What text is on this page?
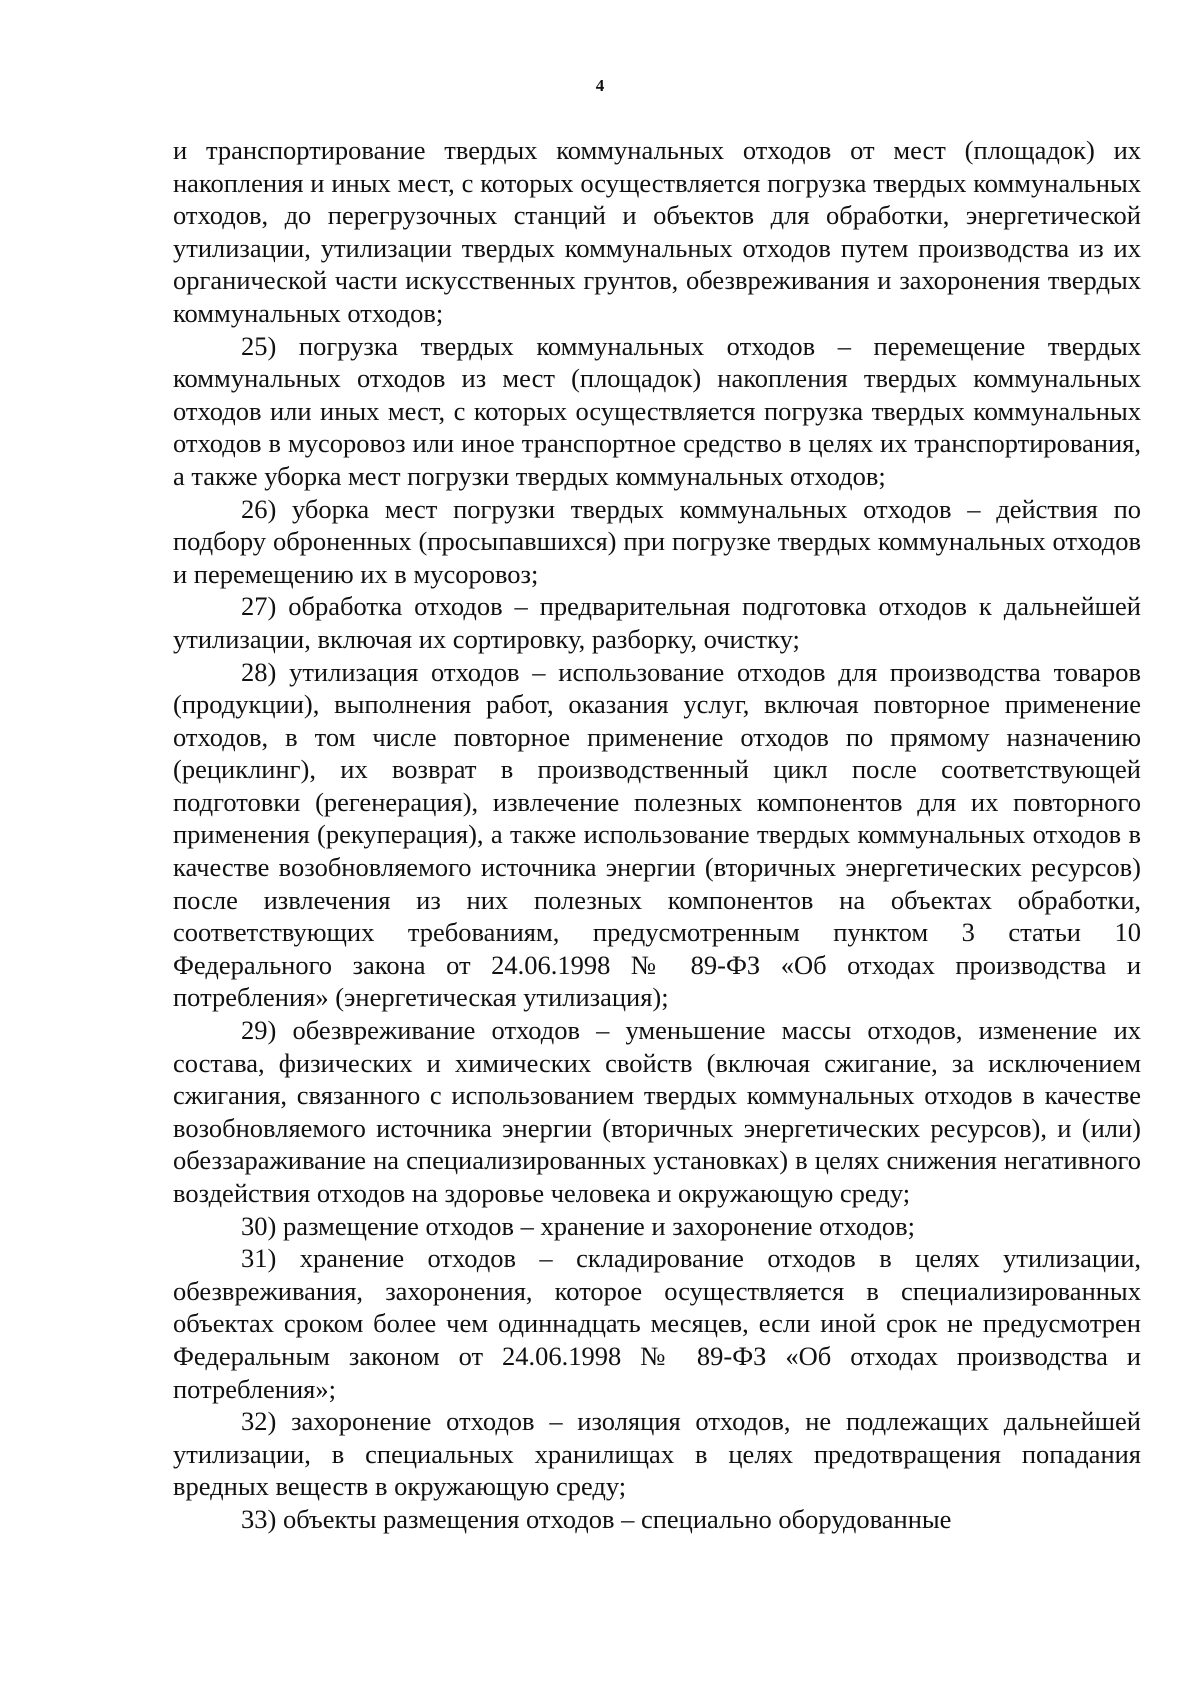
4

и транспортирование твердых коммунальных отходов от мест (площадок) их накопления и иных мест, с которых осуществляется погрузка твердых коммунальных отходов, до перегрузочных станций и объектов для обработки, энергетической утилизации, утилизации твердых коммунальных отходов путем производства из их органической части искусственных грунтов, обезвреживания и захоронения твердых коммунальных отходов;

25) погрузка твердых коммунальных отходов – перемещение твердых коммунальных отходов из мест (площадок) накопления твердых коммунальных отходов или иных мест, с которых осуществляется погрузка твердых коммунальных отходов в мусоровоз или иное транспортное средство в целях их транспортирования, а также уборка мест погрузки твердых коммунальных отходов;

26) уборка мест погрузки твердых коммунальных отходов – действия по подбору оброненных (просыпавшихся) при погрузке твердых коммунальных отходов и перемещению их в мусоровоз;

27) обработка отходов – предварительная подготовка отходов к дальнейшей утилизации, включая их сортировку, разборку, очистку;

28) утилизация отходов – использование отходов для производства товаров (продукции), выполнения работ, оказания услуг, включая повторное применение отходов, в том числе повторное применение отходов по прямому назначению (рециклинг), их возврат в производственный цикл после соответствующей подготовки (регенерация), извлечение полезных компонентов для их повторного применения (рекуперация), а также использование твердых коммунальных отходов в качестве возобновляемого источника энергии (вторичных энергетических ресурсов) после извлечения из них полезных компонентов на объектах обработки, соответствующих требованиям, предусмотренным пунктом 3 статьи 10 Федерального закона от 24.06.1998 № 89-ФЗ «Об отходах производства и потребления» (энергетическая утилизация);

29) обезвреживание отходов – уменьшение массы отходов, изменение их состава, физических и химических свойств (включая сжигание, за исключением сжигания, связанного с использованием твердых коммунальных отходов в качестве возобновляемого источника энергии (вторичных энергетических ресурсов), и (или) обеззараживание на специализированных установках) в целях снижения негативного воздействия отходов на здоровье человека и окружающую среду;

30) размещение отходов – хранение и захоронение отходов;

31) хранение отходов – складирование отходов в целях утилизации, обезвреживания, захоронения, которое осуществляется в специализированных объектах сроком более чем одиннадцать месяцев, если иной срок не предусмотрен Федеральным законом от 24.06.1998 № 89-ФЗ «Об отходах производства и потребления»;

32) захоронение отходов – изоляция отходов, не подлежащих дальнейшей утилизации, в специальных хранилищах в целях предотвращения попадания вредных веществ в окружающую среду;

33) объекты размещения отходов – специально оборудованные
